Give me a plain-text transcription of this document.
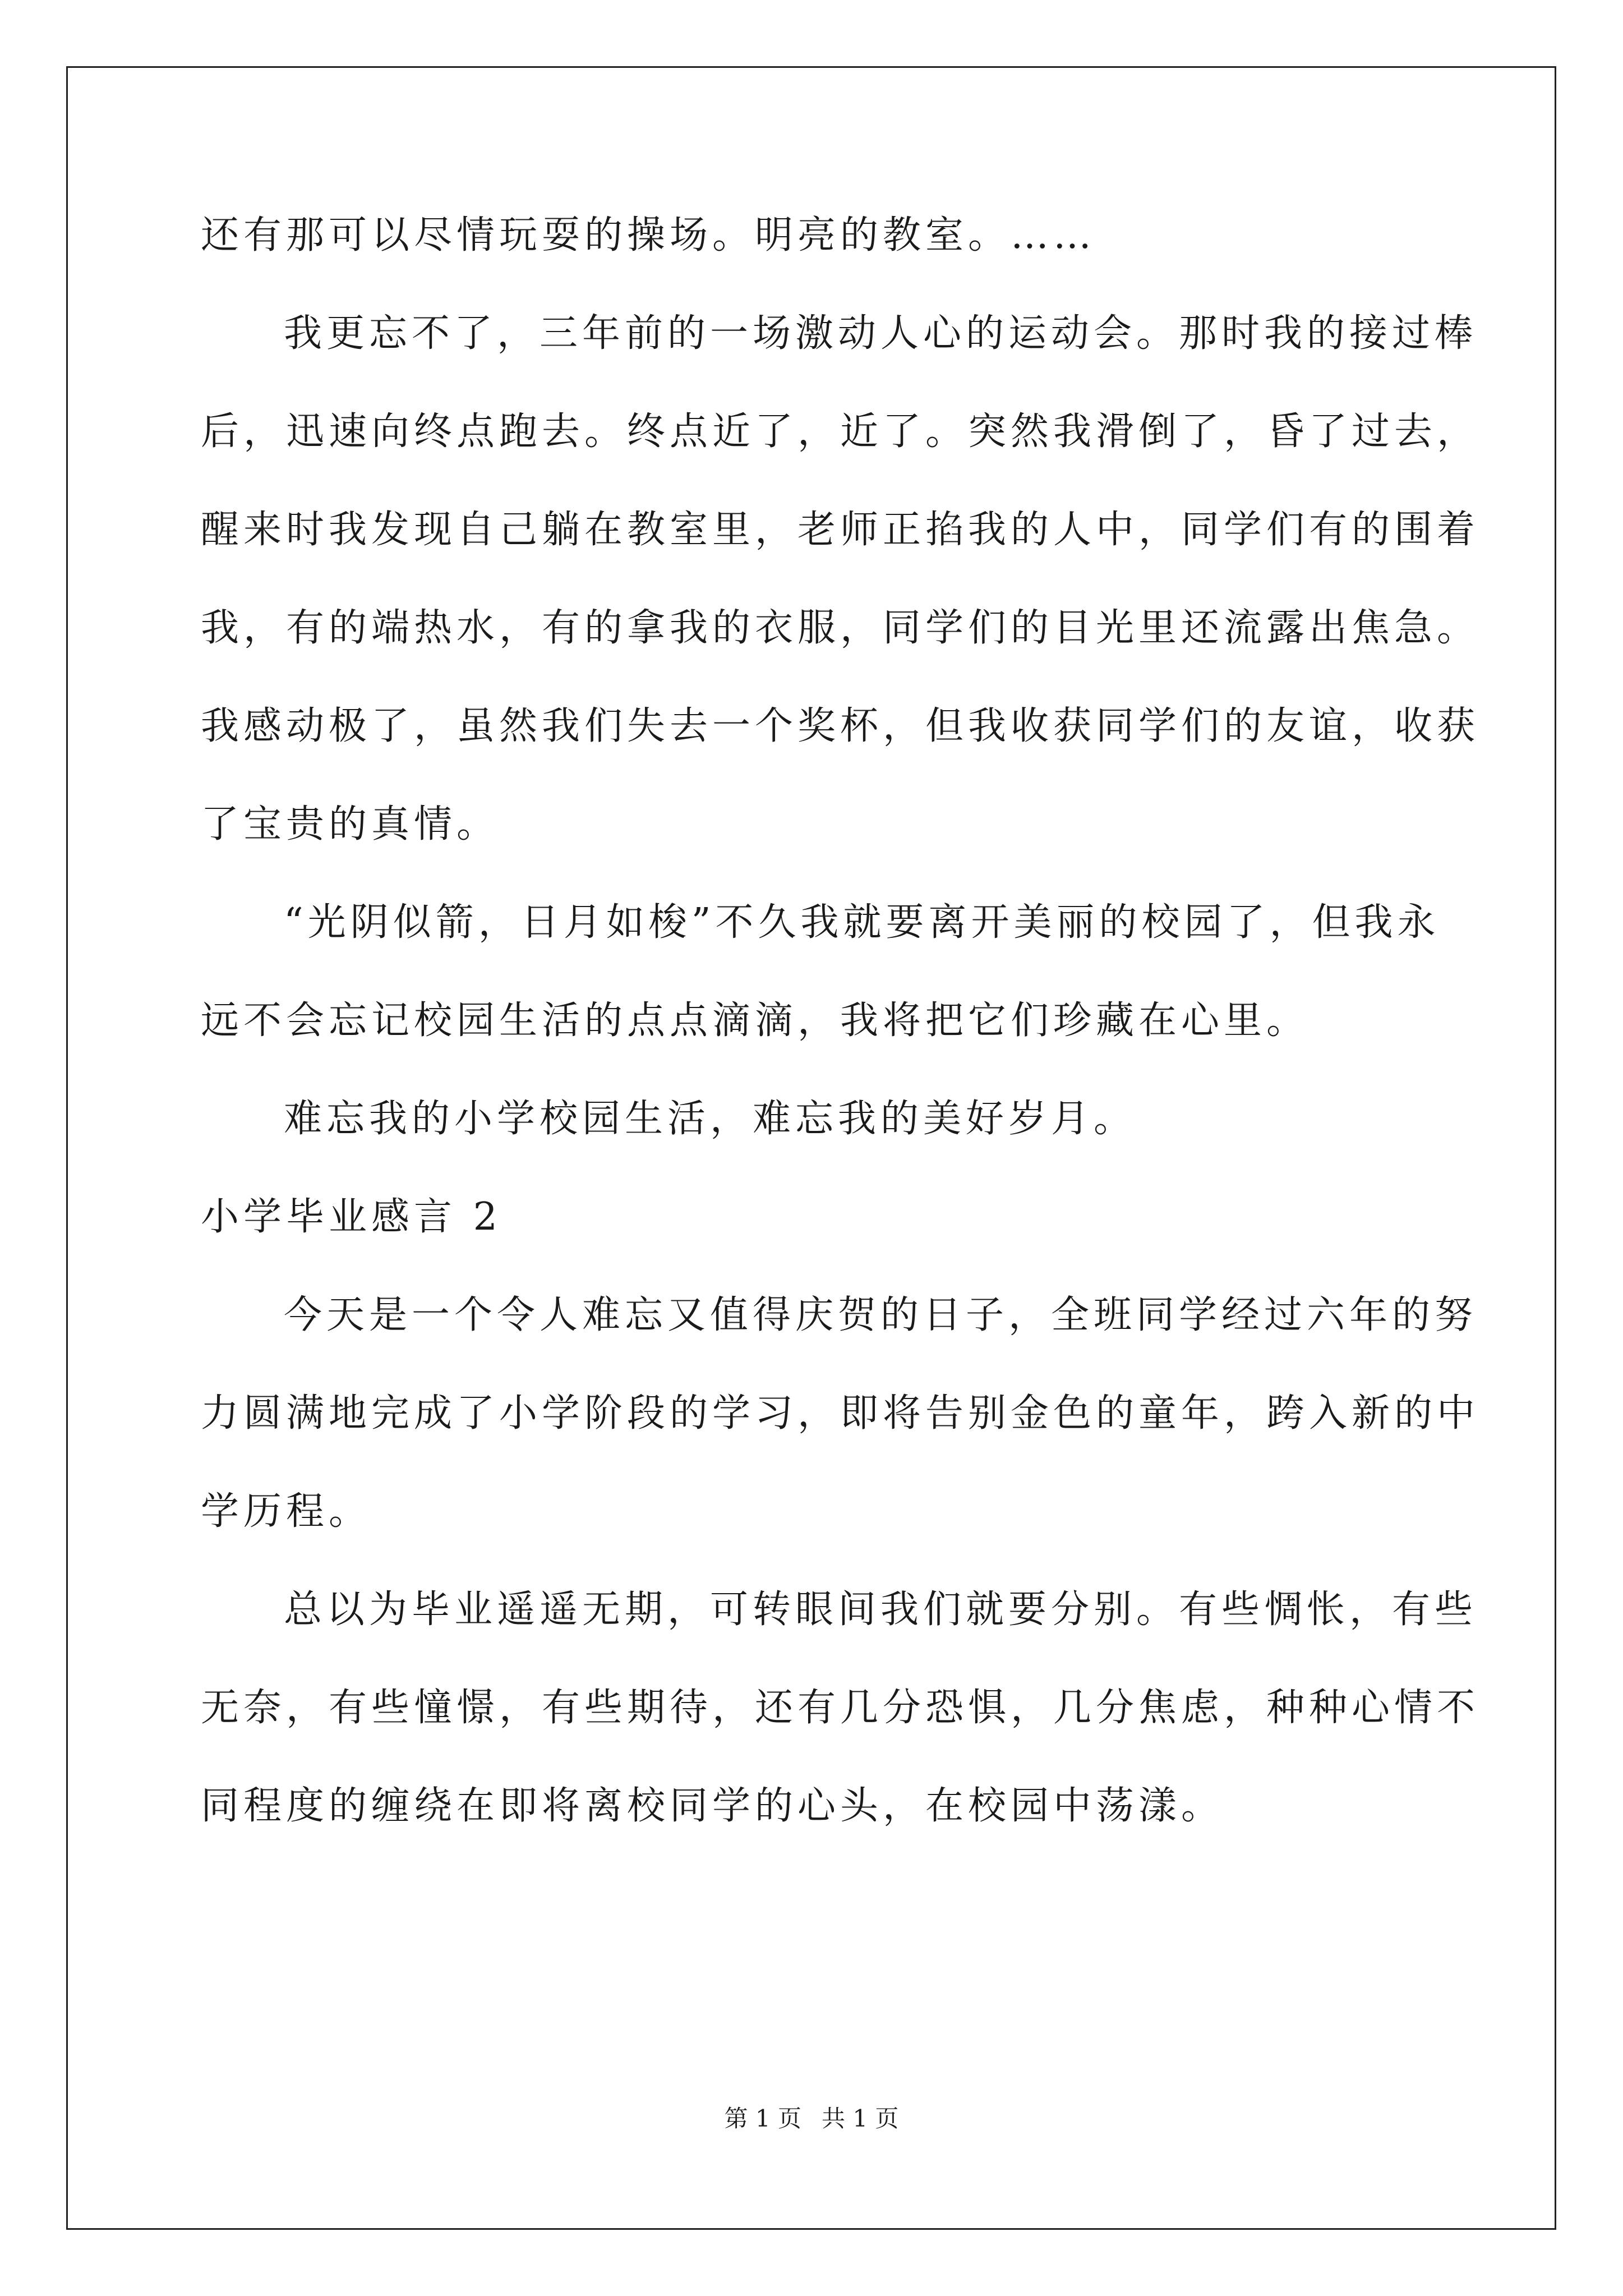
还有那可以尽情玩耍的操场。明亮的教室。……
我更忘不了，三年前的一场激动人心的运动会。那时我的接过棒
后，迅速向终点跑去。终点近了，近了。突然我滑倒了，昏了过去，
醒来时我发现自己躺在教室里，老师正掐我的人中，同学们有的围着
我，有的端热水，有的拿我的衣服，同学们的目光里还流露出焦急。
我感动极了，虽然我们失去一个奖杯，但我收获同学们的友谊，收获
了宝贵的真情。
“光阴似箭，日月如梭”不久我就要离开美丽的校园了，但我永
远不会忘记校园生活的点点滴滴，我将把它们珍藏在心里。
难忘我的小学校园生活，难忘我的美好岁月。
小学毕业感言 2
今天是一个令人难忘又值得庆贺的日子，全班同学经过六年的努
力圆满地完成了小学阶段的学习，即将告别金色的童年，跨入新的中
学历程。
总以为毕业遥遥无期，可转眼间我们就要分别。有些惆怅，有些
无奈，有些憧憬，有些期待，还有几分恐惧，几分焦虑，种种心情不
同程度的缠绕在即将离校同学的心头，在校园中荡漾。
第 1 页 共 1 页
